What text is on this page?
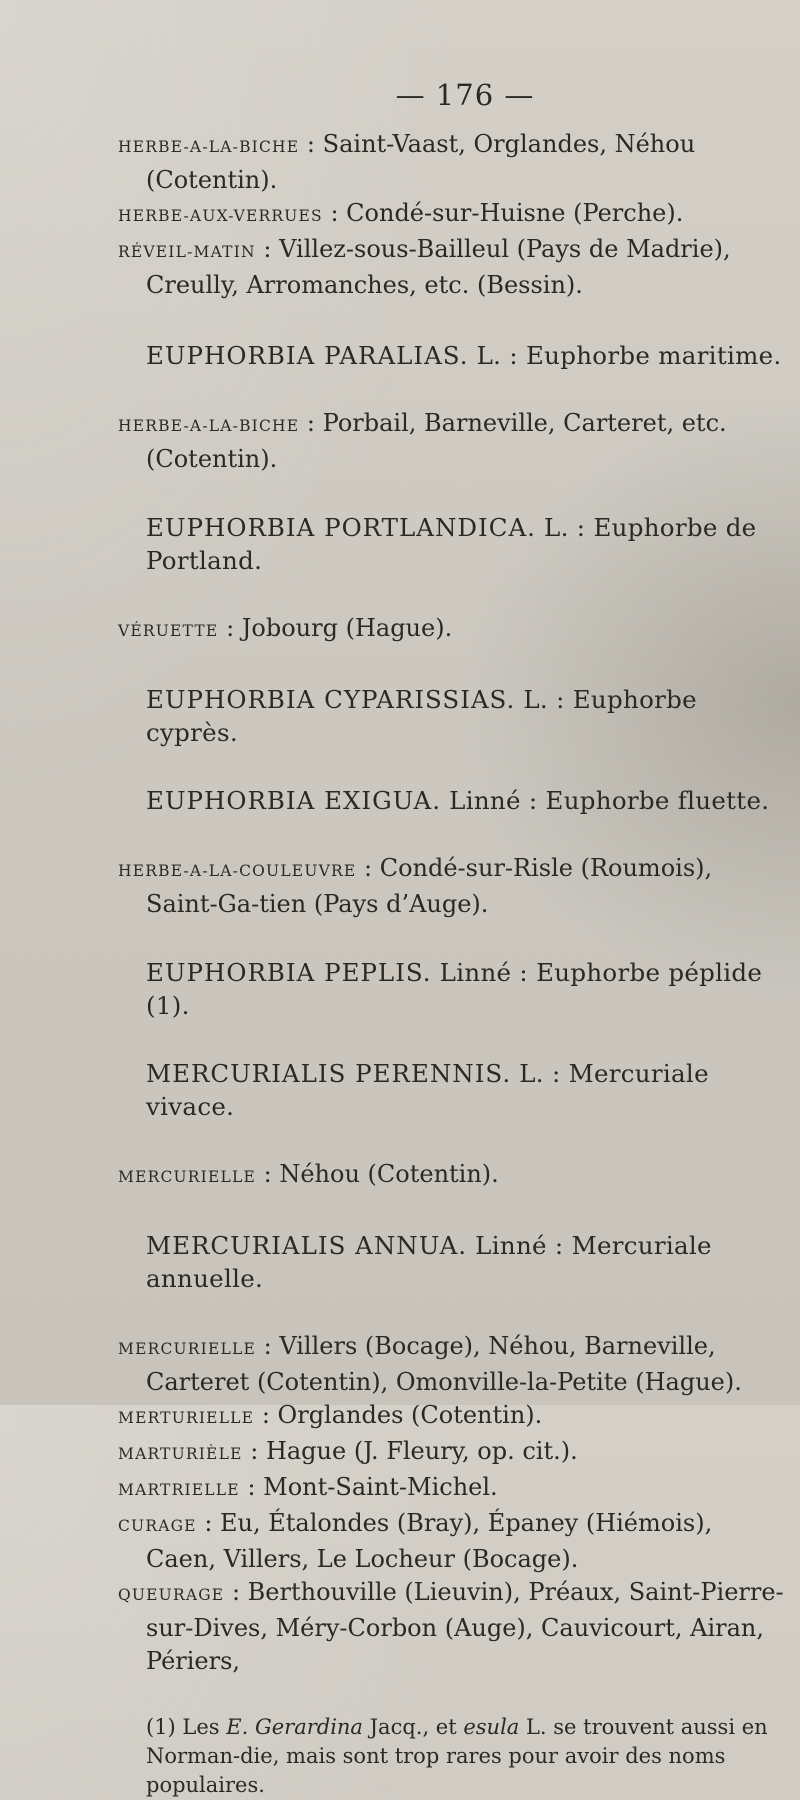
— 176 —

HERBE-A-LA-BICHE : Saint-Vaast, Orglandes, Néhou (Cotentin).

HERBE-AUX-VERRUES : Condé-sur-Huisne (Perche).

RÉVEIL-MATIN : Villez-sous-Bailleul (Pays de Madrie), Creully, Arromanches, etc. (Bessin).

EUPHORBIA PARALIAS. L. : Euphorbe maritime.

HERBE-A-LA-BICHE : Porbail, Barneville, Carteret, etc. (Cotentin).

EUPHORBIA PORTLANDICA. L. : Euphorbe de Portland.

VÉRUETTE : Jobourg (Hague).

EUPHORBIA CYPARISSIAS. L. : Euphorbe cyprès.

EUPHORBIA EXIGUA. Linné : Euphorbe fluette.

HERBE-A-LA-COULEUVRE : Condé-sur-Risle (Roumois), Saint-Ga-tien (Pays d’Auge).

EUPHORBIA PEPLIS. Linné : Euphorbe péplide (1).

MERCURIALIS PERENNIS. L. : Mercuriale vivace.

MERCURIELLE : Néhou (Cotentin).

MERCURIALIS ANNUA. Linné : Mercuriale annuelle.

MERCURIELLE : Villers (Bocage), Néhou, Barneville, Carteret (Cotentin), Omonville-la-Petite (Hague).

MERTURIELLE : Orglandes (Cotentin).

MARTURIÈLE : Hague (J. Fleury, op. cit.).

MARTRIELLE : Mont-Saint-Michel.

CURAGE : Eu, Étalondes (Bray), Épaney (Hiémois), Caen, Villers, Le Locheur (Bocage).

QUEURAGE : Berthouville (Lieuvin), Préaux, Saint-Pierre-sur-Dives, Méry-Corbon (Auge), Cauvicourt, Airan, Périers,

(1) Les E. Gerardina Jacq., et esula L. se trouvent aussi en Norman-die, mais sont trop rares pour avoir des noms populaires.
